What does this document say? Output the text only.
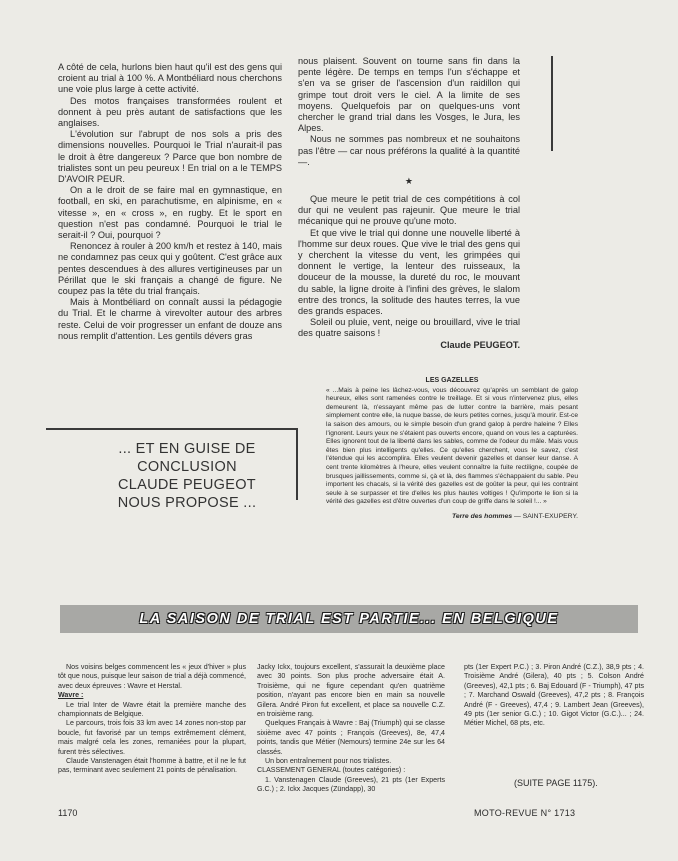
A côté de cela, hurlons bien haut qu'il est des gens qui croient au trial à 100 %. A Montbéliard nous cherchons une voie plus large à cette activité.

Des motos françaises transformées roulent et donnent à peu près autant de satisfactions que les anglaises.

L'évolution sur l'abrupt de nos sols a pris des dimensions nouvelles. Pourquoi le Trial n'aurait-il pas le droit à être dangereux ? Parce que bon nombre de trialistes sont un peu peureux ! En trial on a le TEMPS D'AVOIR PEUR.

On a le droit de se faire mal en gymnastique, en football, en ski, en parachutisme, en alpinisme, en « vitesse », en « cross », en rugby. Et le sport en question n'est pas condamné. Pourquoi le trial le serait-il ? Oui, pourquoi ?

Renoncez à rouler à 200 km/h et restez à 140, mais ne condamnez pas ceux qui y goûtent. C'est grâce aux pentes descendues à des allures vertigineuses par un Périllat que le ski français a changé de figure. Ne coupez pas la tête du trial français.

Mais à Montbéliard on connaît aussi la pédagogie du Trial. Et le charme à virevolter autour des arbres reste. Celui de voir progresser un enfant de douze ans nous remplit d'attention. Les gentils dévers gras

nous plaisent. Souvent on tourne sans fin dans la pente légère. De temps en temps l'un s'échappe et s'en va se griser de l'ascension d'un raidillon qui grimpe tout droit vers le ciel. A la limite de ses moyens. Quelquefois par on quelques-uns vont chercher le grand trial dans les Vosges, le Jura, les Alpes.

Nous ne sommes pas nombreux et ne souhaitons pas l'être — car nous préférons la qualité à la quantité —.

★

Que meure le petit trial de ces compétitions à col dur qui ne veulent pas rajeunir. Que meure le trial mécanique qui ne prouve qu'une moto.

Et que vive le trial qui donne une nouvelle liberté à l'homme sur deux roues. Que vive le trial des gens qui y cherchent la vitesse du vent, les grimpées qui donnent le vertige, la lenteur des ruisseaux, la douceur de la mousse, la dureté du roc, le mouvant du sable, la ligne droite à l'infini des grèves, le slalom entre des troncs, la solitude des hautes terres, la vue des grands espaces.

Soleil ou pluie, vent, neige ou brouillard, vive le trial des quatre saisons !

Claude PEUGEOT.
LES GAZELLES
« ...Mais à peine les lâchez-vous, vous découvrez qu'après un semblant de galop heureux, elles sont ramenées contre le treillage. Et si vous n'intervenez plus, elles demeurent là, n'essayant même pas de lutter contre la barrière, mais pesant simplement contre elle, la nuque basse, de leurs petites cornes, jusqu'à mourir. Est-ce la saison des amours, ou le simple besoin d'un grand galop à perdre haleine ? Elles l'ignorent. Leurs yeux ne s'étaient pas ouverts encore, quand on vous les a capturées. Elles ignorent tout de la liberté dans les sables, comme de l'odeur du mâle. Mais vous êtes bien plus intelligents qu'elles. Ce qu'elles cherchent, vous le savez, c'est l'étendue qui les accomplira. Elles veulent devenir gazelles et danser leur danse. A cent trente kilomètres à l'heure, elles veulent connaître la fuite rectiligne, coupée de brusques jaillissements, comme si, çà et là, des flammes s'échappaient du sable. Peu importent les chacals, si la vérité des gazelles est de goûter la peur, qui les contraint seule à se surpasser et tire d'elles les plus hautes voltiges ! Qu'importe le lion si la vérité des gazelles est d'être ouvertes d'un coup de griffe dans le soleil !... »
Terre des hommes — SAINT-EXUPERY.
... ET EN GUISE DE CONCLUSION
CLAUDE PEUGEOT
NOUS PROPOSE ...
LA SAISON DE TRIAL EST PARTIE... EN BELGIQUE

Nos voisins belges commencent les « jeux d'hiver » plus tôt que nous, puisque leur saison de trial a déjà commencé, avec deux épreuves : Wavre et Herstal.

Wavre :

Le trial Inter de Wavre était la première manche des championnats de Belgique.

Le parcours, trois fois 33 km avec 14 zones non-stop par boucle, fut favorisé par un temps extrêmement clément, mais malgré cela les zones, remaniées pour la plupart, furent très sélectives.

Claude Vanstenagen était l'homme à battre, et il ne le fut pas, terminant avec seulement 21 points de pénalisation.

Jacky Ickx, toujours excellent, s'assurait la deuxième place avec 30 points. Son plus proche adversaire était A. Troisième, qui ne figure cependant qu'en quatrième position, n'ayant pas encore bien en main sa nouvelle Gilera. André Piron fut excellent, et place sa nouvelle C.Z. en troisième rang.

Quelques Français à Wavre : Baj (Triumph) qui se classe sixième avec 47 points ; François (Greeves), 8e, 47,4 points, tandis que Métier (Nemours) termine 24e sur les 64 classés.

Un bon entraînement pour nos trialistes.

CLASSEMENT GENERAL (toutes catégories) :

1. Vanstenagen Claude (Greeves), 21 pts (1er Experts G.C.) ; 2. Ickx Jacques (Zündapp), 30

pts (1er Expert P.C.) ; 3. Piron André (C.Z.), 38,9 pts ; 4. Troisième André (Gilera), 40 pts ; 5. Colson André (Greeves), 42,1 pts ; 6. Baj Edouard (F - Triumph), 47 pts ; 7. Marchand Oswald (Greeves), 47,2 pts ; 8. François André (F - Greeves), 47,4 ; 9. Lambert Jean (Greeves), 49 pts (1er senior G.C.) ; 10. Gigot Victor (G.C.)... ; 24. Métier Michel, 68 pts, etc.

(SUITE PAGE 1175).
1170	MOTO-REVUE N° 1713
